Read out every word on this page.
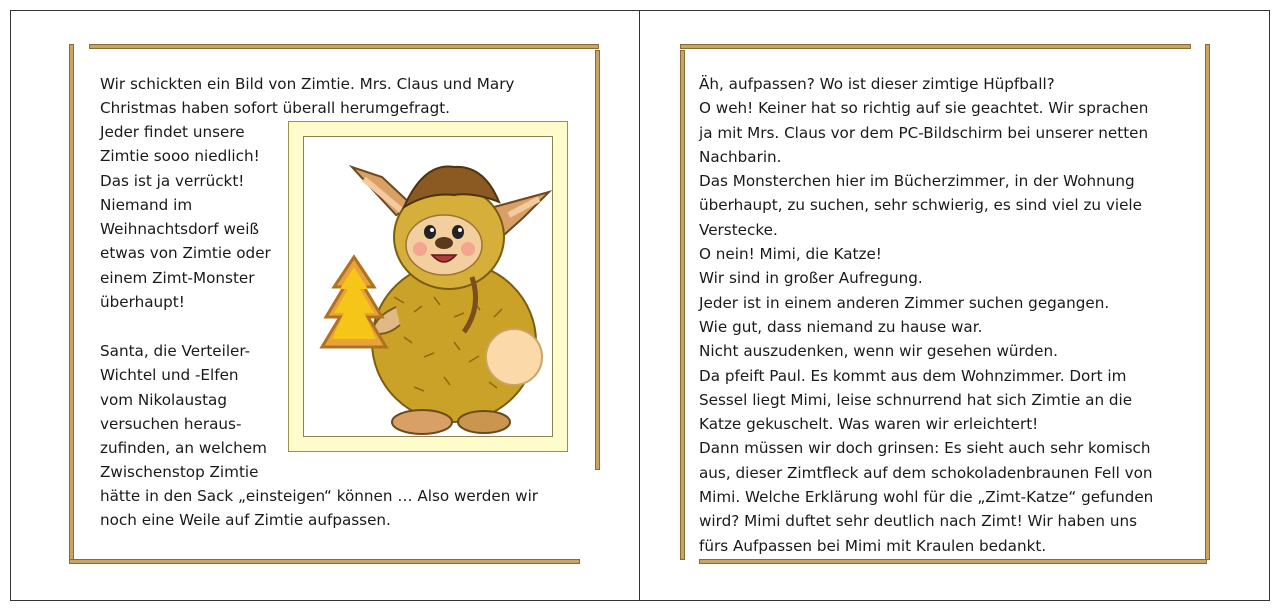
Wir schickten ein Bild von Zimtie. Mrs. Claus und Mary
Christmas haben sofort überall herumgefragt.
Jeder findet unsere
Zimtie sooo niedlich!
Das ist ja verrückt!
Niemand im
Weihnachtsdorf weiß
etwas von Zimtie oder
einem Zimt-Monster
überhaupt!
Santa, die Verteiler-
Wichtel und -Elfen
vom Nikolaustag
versuchen heraus-
zufinden, an welchem
Zwischenstop Zimtie
hätte in den Sack „einsteigen“ können … Also werden wir
noch eine Weile auf Zimtie aufpassen.
Äh, aufpassen? Wo ist dieser zimtige Hüpfball?
O weh! Keiner hat so richtig auf sie geachtet. Wir sprachen
ja mit Mrs. Claus vor dem PC-Bildschirm bei unserer netten
Nachbarin.
Das Monsterchen hier im Bücherzimmer, in der Wohnung
überhaupt, zu suchen, sehr schwierig, es sind viel zu viele
Verstecke.
O nein! Mimi, die Katze!
Wir sind in großer Aufregung.
Jeder ist in einem anderen Zimmer suchen gegangen.
Wie gut, dass niemand zu hause war.
Nicht auszudenken, wenn wir gesehen würden.
Da pfeift Paul. Es kommt aus dem Wohnzimmer. Dort im
Sessel liegt Mimi, leise schnurrend hat sich Zimtie an die
Katze gekuschelt. Was waren wir erleichtert!
Dann müssen wir doch grinsen: Es sieht auch sehr komisch
aus, dieser Zimtfleck auf dem schokoladenbraunen Fell von
Mimi. Welche Erklärung wohl für die „Zimt-Katze“ gefunden
wird? Mimi duftet sehr deutlich nach Zimt! Wir haben uns
fürs Aufpassen bei Mimi mit Kraulen bedankt.
